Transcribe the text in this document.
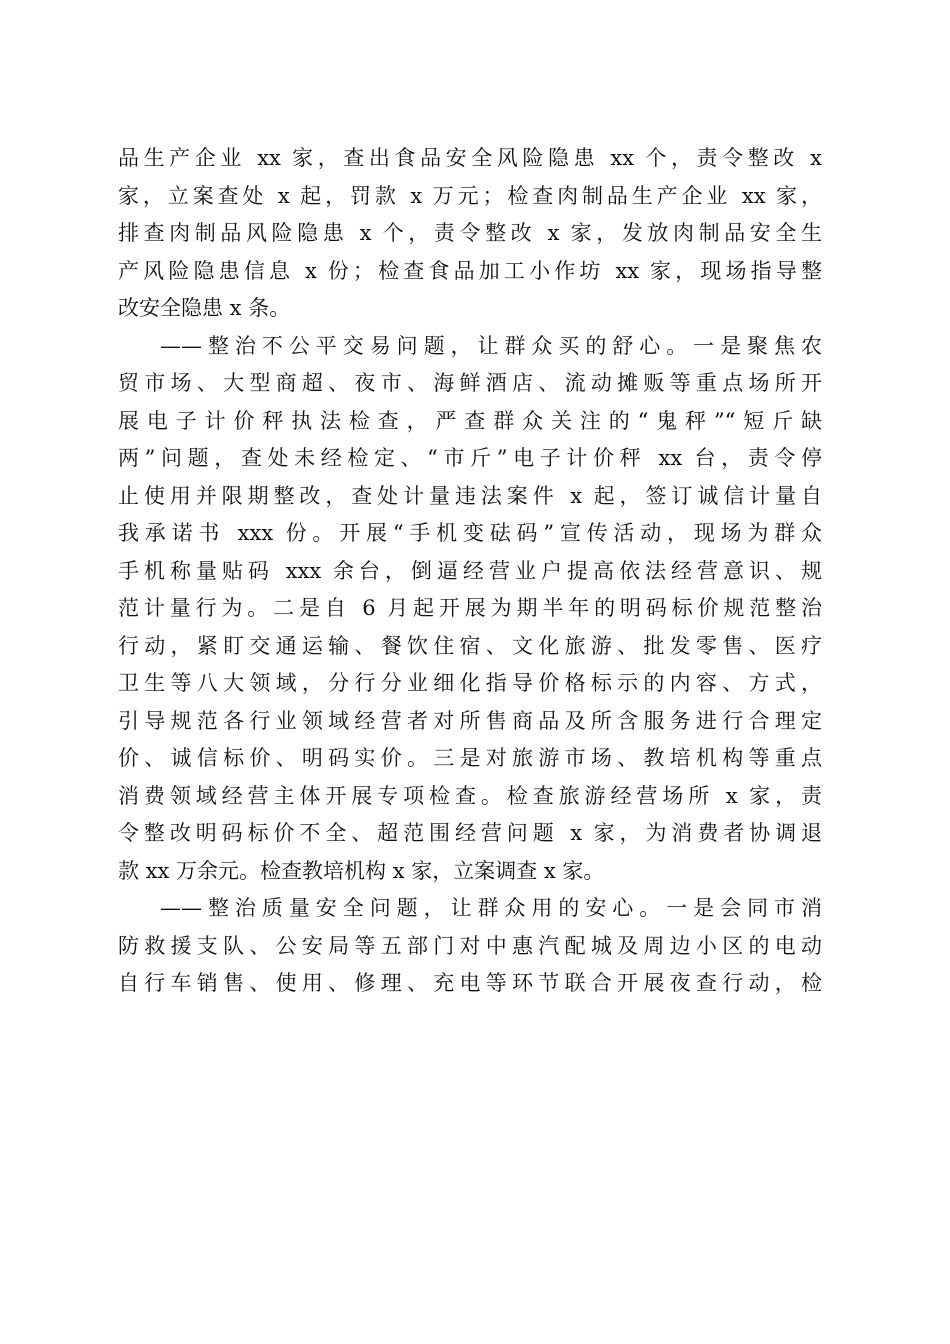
品生产企业 xx 家，查出食品安全风险隐患 xx 个，责令整改 x
家，立案查处 x 起，罚款 x 万元；检查肉制品生产企业 xx 家，
排查肉制品风险隐患 x 个，责令整改 x 家，发放肉制品安全生
产风险隐患信息 x 份；检查食品加工小作坊 xx 家，现场指导整
改安全隐患 x 条。
——整治不公平交易问题，让群众买的舒心。一是聚焦农
贸市场、大型商超、夜市、海鲜酒店、流动摊贩等重点场所开
展电子计价秤执法检查，严查群众关注的“鬼秤”“短斤缺
两”问题，查处未经检定、“市斤”电子计价秤 xx 台，责令停
止使用并限期整改，查处计量违法案件 x 起，签订诚信计量自
我承诺书 xxx 份。开展“手机变砝码”宣传活动，现场为群众
手机称量贴码 xxx 余台，倒逼经营业户提高依法经营意识、规
范计量行为。二是自 6 月起开展为期半年的明码标价规范整治
行动，紧盯交通运输、餐饮住宿、文化旅游、批发零售、医疗
卫生等八大领域，分行分业细化指导价格标示的内容、方式，
引导规范各行业领域经营者对所售商品及所含服务进行合理定
价、诚信标价、明码实价。三是对旅游市场、教培机构等重点
消费领域经营主体开展专项检查。检查旅游经营场所 x 家，责
令整改明码标价不全、超范围经营问题 x 家，为消费者协调退
款 xx 万余元。检查教培机构 x 家，立案调查 x 家。
——整治质量安全问题，让群众用的安心。一是会同市消
防救援支队、公安局等五部门对中惠汽配城及周边小区的电动
自行车销售、使用、修理、充电等环节联合开展夜查行动，检
